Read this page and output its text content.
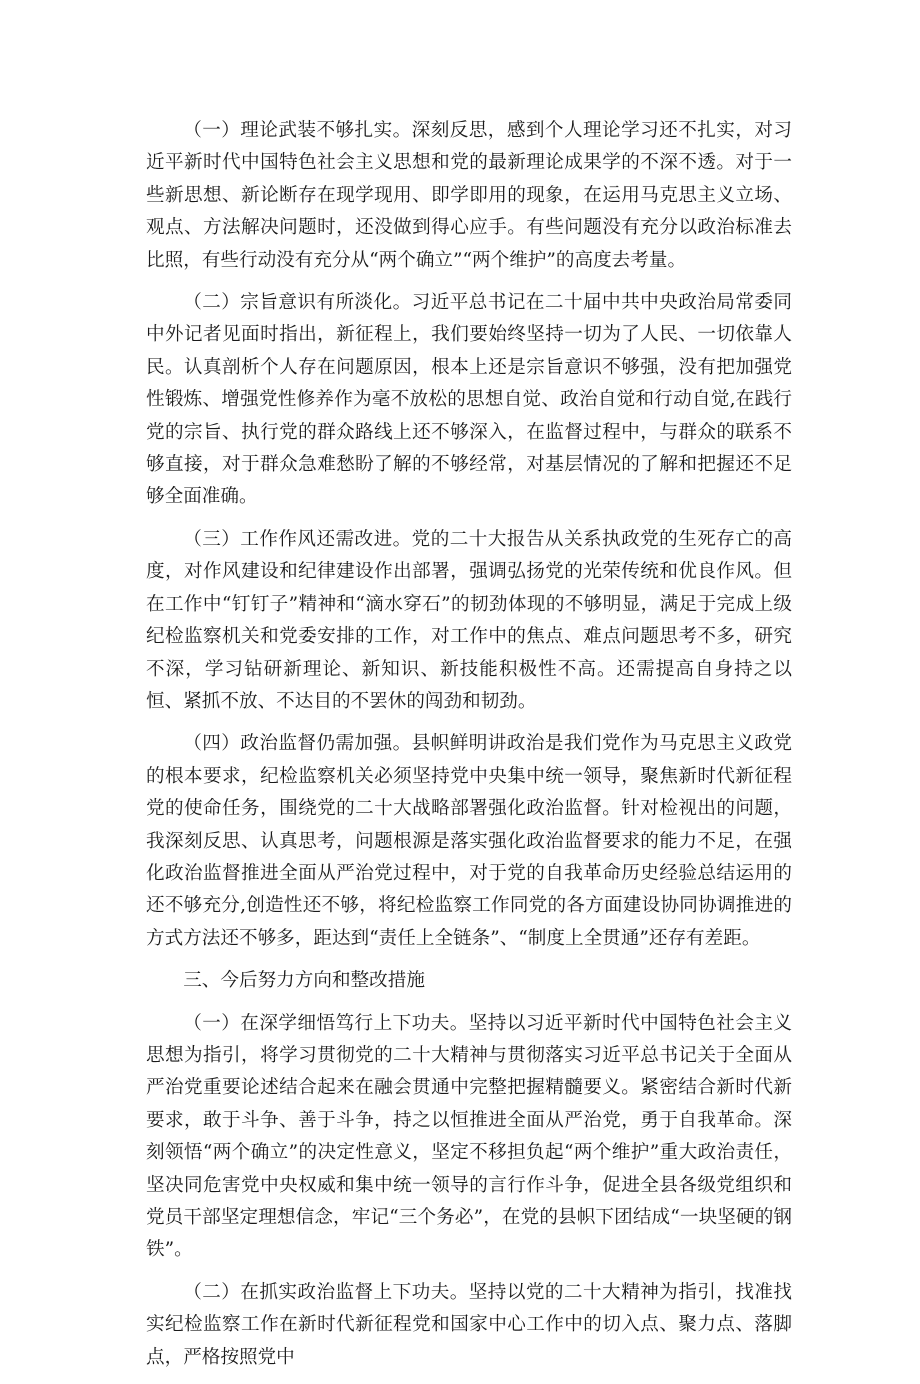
（一）理论武装不够扎实。深刻反思，感到个人理论学习还不扎实，对习近平新时代中国特色社会主义思想和党的最新理论成果学的不深不透。对于一些新思想、新论断存在现学现用、即学即用的现象，在运用马克思主义立场、观点、方法解决问题时，还没做到得心应手。有些问题没有充分以政治标准去比照，有些行动没有充分从“两个确立”“两个维护”的高度去考量。

（二）宗旨意识有所淡化。习近平总书记在二十届中共中央政治局常委同中外记者见面时指出，新征程上，我们要始终坚持一切为了人民、一切依靠人民。认真剖析个人存在问题原因，根本上还是宗旨意识不够强，没有把加强党性锻炼、增强党性修养作为毫不放松的思想自觉、政治自觉和行动自觉,在践行党的宗旨、执行党的群众路线上还不够深入，在监督过程中，与群众的联系不够直接，对于群众急难愁盼了解的不够经常，对基层情况的了解和把握还不足够全面准确。

（三）工作作风还需改进。党的二十大报告从关系执政党的生死存亡的高度，对作风建设和纪律建设作出部署，强调弘扬党的光荣传统和优良作风。但在工作中“钉钉子”精神和“滴水穿石”的韧劲体现的不够明显，满足于完成上级纪检监察机关和党委安排的工作，对工作中的焦点、难点问题思考不多，研究不深，学习钻研新理论、新知识、新技能积极性不高。还需提高自身持之以恒、紧抓不放、不达目的不罢休的闯劲和韧劲。

（四）政治监督仍需加强。县帜鲜明讲政治是我们党作为马克思主义政党的根本要求，纪检监察机关必须坚持党中央集中统一领导，聚焦新时代新征程党的使命任务，围绕党的二十大战略部署强化政治监督。针对检视出的问题，我深刻反思、认真思考，问题根源是落实强化政治监督要求的能力不足，在强化政治监督推进全面从严治党过程中，对于党的自我革命历史经验总结运用的还不够充分,创造性还不够，将纪检监察工作同党的各方面建设协同协调推进的方式方法还不够多，距达到“责任上全链条”、“制度上全贯通”还存有差距。

三、今后努力方向和整改措施

（一）在深学细悟笃行上下功夫。坚持以习近平新时代中国特色社会主义思想为指引，将学习贯彻党的二十大精神与贯彻落实习近平总书记关于全面从严治党重要论述结合起来在融会贯通中完整把握精髓要义。紧密结合新时代新要求，敢于斗争、善于斗争，持之以恒推进全面从严治党，勇于自我革命。深刻领悟“两个确立”的决定性意义，坚定不移担负起“两个维护”重大政治责任，坚决同危害党中央权威和集中统一领导的言行作斗争，促进全县各级党组织和党员干部坚定理想信念，牢记“三个务必”，在党的县帜下团结成“一块坚硬的钢铁”。

（二）在抓实政治监督上下功夫。坚持以党的二十大精神为指引，找准找实纪检监察工作在新时代新征程党和国家中心工作中的切入点、聚力点、落脚点，严格按照党中
